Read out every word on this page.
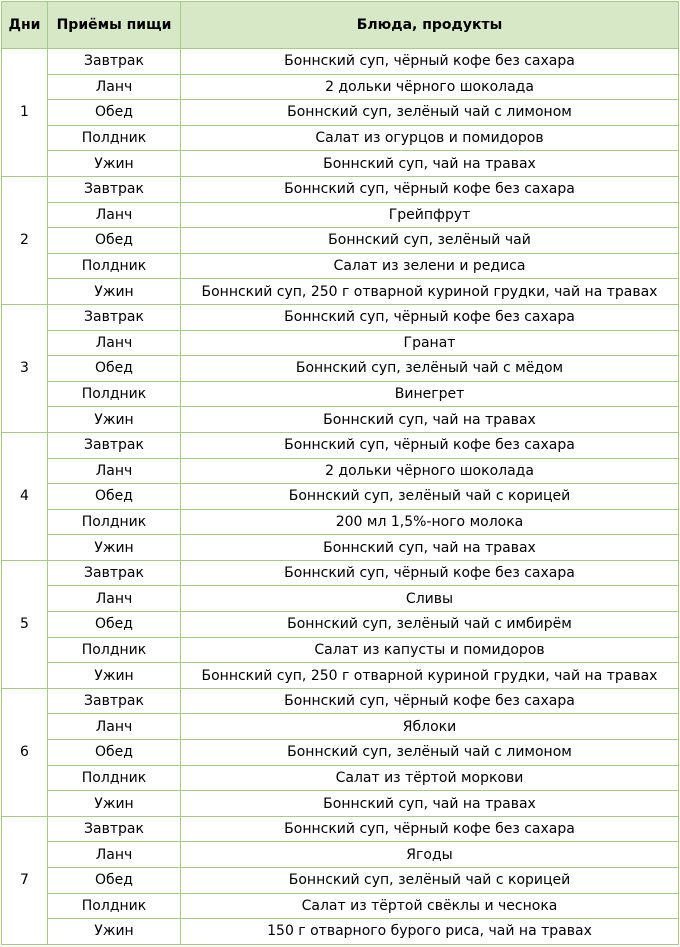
Дни	Приёмы пищи	Блюда, продукты
1	Завтрак	Боннский суп, чёрный кофе без сахара
	Ланч	2 дольки чёрного шоколада
	Обед	Боннский суп, зелёный чай с лимоном
	Полдник	Салат из огурцов и помидоров
	Ужин	Боннский суп, чай на травах
2	Завтрак	Боннский суп, чёрный кофе без сахара
	Ланч	Грейпфрут
	Обед	Боннский суп, зелёный чай
	Полдник	Салат из зелени и редиса
	Ужин	Боннский суп, 250 г отварной куриной грудки, чай на травах
3	Завтрак	Боннский суп, чёрный кофе без сахара
	Ланч	Гранат
	Обед	Боннский суп, зелёный чай с мёдом
	Полдник	Винегрет
	Ужин	Боннский суп, чай на травах
4	Завтрак	Боннский суп, чёрный кофе без сахара
	Ланч	2 дольки чёрного шоколада
	Обед	Боннский суп, зелёный чай с корицей
	Полдник	200 мл 1,5%-ного молока
	Ужин	Боннский суп, чай на травах
5	Завтрак	Боннский суп, чёрный кофе без сахара
	Ланч	Сливы
	Обед	Боннский суп, зелёный чай с имбирём
	Полдник	Салат из капусты и помидоров
	Ужин	Боннский суп, 250 г отварной куриной грудки, чай на травах
6	Завтрак	Боннский суп, чёрный кофе без сахара
	Ланч	Яблоки
	Обед	Боннский суп, зелёный чай с лимоном
	Полдник	Салат из тёртой моркови
	Ужин	Боннский суп, чай на травах
7	Завтрак	Боннский суп, чёрный кофе без сахара
	Ланч	Ягоды
	Обед	Боннский суп, зелёный чай с корицей
	Полдник	Салат из тёртой свёклы и чеснока
	Ужин	150 г отварного бурого риса, чай на травах
